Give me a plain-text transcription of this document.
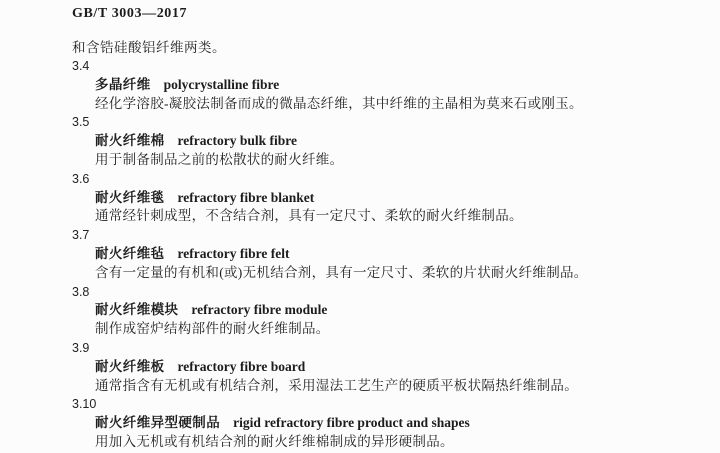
GB/T 3003—2017
和含锆硅酸铝纤维两类。
3.4
多晶纤维 polycrystalline fibre
经化学溶胶-凝胶法制备而成的微晶态纤维，其中纤维的主晶相为莫来石或刚玉。
3.5
耐火纤维棉 refractory bulk fibre
用于制备制品之前的松散状的耐火纤维。
3.6
耐火纤维毯 refractory fibre blanket
通常经针刺成型，不含结合剂，具有一定尺寸、柔软的耐火纤维制品。
3.7
耐火纤维毡 refractory fibre felt
含有一定量的有机和(或)无机结合剂，具有一定尺寸、柔软的片状耐火纤维制品。
3.8
耐火纤维模块 refractory fibre module
制作成窑炉结构部件的耐火纤维制品。
3.9
耐火纤维板 refractory fibre board
通常指含有无机或有机结合剂，采用湿法工艺生产的硬质平板状隔热纤维制品。
3.10
耐火纤维异型硬制品 rigid refractory fibre product and shapes
用加入无机或有机结合剂的耐火纤维棉制成的异形硬制品。
